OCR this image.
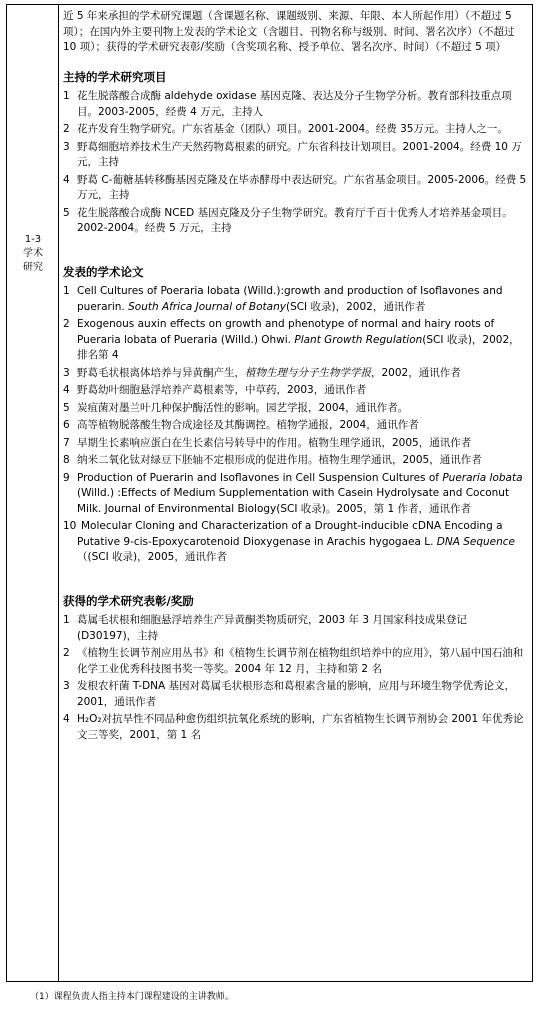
1-3
学术
研究

近 5 年来承担的学术研究课题（含课题名称、课题级别、来源、年限、本人所起作用）（不超过 5 项）；在国内外主要刊物上发表的学术论文（含题目、刊物名称与级别、时间、署名次序）（不超过 10 项）；获得的学术研究表彰/奖励（含奖项名称、授予单位、署名次序、时间）（不超过 5 项）

主持的学术研究项目
1 花生脱落酸合成酶 aldehyde oxidase 基因克隆、表达及分子生物学分析。教育部科技重点项目。2003-2005，经费 4 万元，主持人
2 花卉发育生物学研究。广东省基金（团队）项目。2001-2004。经费 35万元。主持人之一。
3 野葛细胞培养技术生产天然药物葛根素的研究。广东省科技计划项目。2001-2004。经费 10 万元，主持
4 野葛 C-葡糖基转移酶基因克隆及在毕赤酵母中表达研究。广东省基金项目。2005-2006。经费 5 万元，主持
5 花生脱落酸合成酶 NCED 基因克隆及分子生物学研究。教育厅千百十优秀人才培养基金项目。2002-2004。经费 5 万元，主持
发表的学术论文
1 Cell Cultures of Poeraria lobata (Willd.):growth and production of Isoflavones and puerarin. South Africa Journal of Botany(SCI 收录)，2002，通讯作者
2 Exogenous auxin effects on growth and phenotype of normal and hairy roots of Pueraria lobata of Pueraria (Willd.) Ohwi. Plant Growth Regulation(SCI 收录)，2002，排名第 4
3 野葛毛状根离体培养与异黄酮产生，植物生理与分子生物学学报，2002，通讯作者
4 野葛幼叶细胞悬浮培养产葛根素等，中草药，2003，通讯作者
5 炭疽菌对墨兰叶几种保护酶活性的影响。园艺学报，2004，通讯作者。
6 高等植物脱落酸生物合成途径及其酶调控。植物学通报，2004，通讯作者
7 早期生长素响应蛋白在生长素信号转导中的作用。植物生理学通讯，2005，通讯作者
8 纳米二氧化钛对绿豆下胚轴不定根形成的促进作用。植物生理学通讯，2005，通讯作者
9 Production of Puerarin and Isoflavones in Cell Suspension Cultures of Pueraria lobata (Willd.) :Effects of Medium Supplementation with Casein Hydrolysate and Coconut Milk. Journal of Environmental Biology(SCI 收录)。2005，第 1 作者，通讯作者
10 Molecular Cloning and Characterization of a Drought-inducible cDNA Encoding a Putative 9-cis-Epoxycarotenoid Dioxygenase in Arachis hygogaea L. DNA Sequence（(SCI 收录)，2005，通讯作者
获得的学术研究表彰/奖励
1 葛属毛状根和细胞悬浮培养生产异黄酮类物质研究，2003 年 3 月国家科技成果登记(D30197)，主持
2 《植物生长调节剂应用丛书》和《植物生长调节剂在植物组织培养中的应用》，第八届中国石油和化学工业优秀科技图书奖一等奖。2004 年 12 月，主持和第 2 名
3 发根农杆菌 T-DNA 基因对葛属毛状根形态和葛根素含量的影响，应用与环境生物学优秀论文，2001，通讯作者
4 H₂O₂对抗旱性不同品种愈伤组织抗氧化系统的影响，广东省植物生长调节剂协会 2001 年优秀论文三等奖，2001，第 1 名
（1）课程负责人指主持本门课程建设的主讲教师。
